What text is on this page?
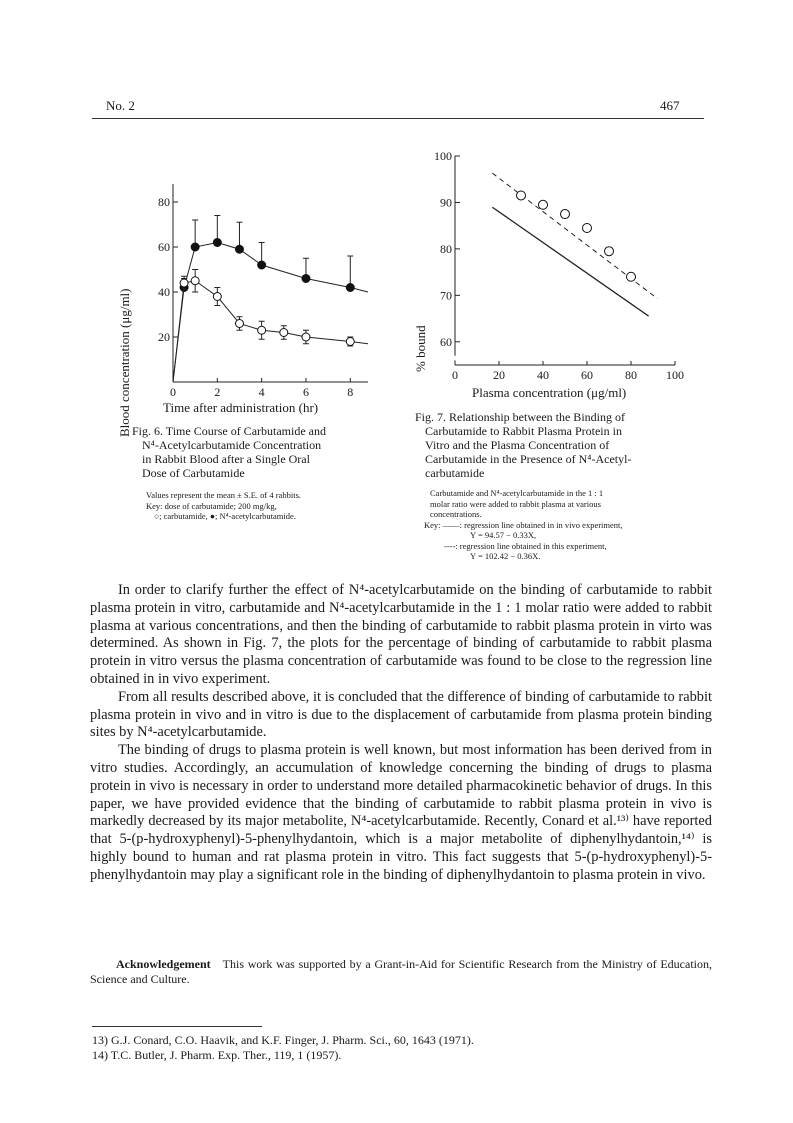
No. 2	467
20
40
60
80
0	2	4	6	8
Blood concentration (μg/ml) Time after administration (hr)
Fig. 6. Time Course of Carbutamide and
N⁴-Acetylcarbutamide Concentration
in Rabbit Blood after a Single Oral
Dose of Carbutamide
Values represent the mean ± S.E. of 4 rabbits.
Key: dose of carbutamide; 200 mg/kg,
○; carbutamide, ●; N⁴-acetylcarbutamide.
60
70
80
90
100
0	20	40	60	80 100
% bound
Plasma concentration (μg/ml)
Fig. 7. Relationship between the Binding of
Carbutamide to Rabbit Plasma Protein in
Vitro and the Plasma Concentration of
Carbutamide in the Presence of N⁴-Acetyl-
carbutamide
Carbutamide and N⁴-acetylcarbutamide in the 1 : 1
molar ratio were added to rabbit plasma at various
concentrations.
Key: ——: regression line obtained in in vivo experiment,
Y = 94.57 − 0.33X,
----: regression line obtained in this experiment,
Y = 102.42 − 0.36X.

In order to clarify further the effect of N⁴-acetylcarbutamide on the binding of carbutamide to rabbit plasma protein in vitro, carbutamide and N⁴-acetylcarbutamide in the 1 : 1 molar ratio were added to rabbit plasma at various concentrations, and then the binding of carbutamide to rabbit plasma protein in virto was determined. As shown in Fig. 7, the plots for the percentage of binding of carbutamide to rabbit plasma protein in vitro versus the plasma concentration of carbutamide was found to be close to the regression line obtained in in vivo experiment.

From all results described above, it is concluded that the difference of binding of carbutamide to rabbit plasma protein in vivo and in vitro is due to the displacement of carbutamide from plasma protein binding sites by N⁴-acetylcarbutamide.

The binding of drugs to plasma protein is well known, but most information has been derived from in vitro studies. Accordingly, an accumulation of knowledge concerning the binding of drugs to plasma protein in vivo is necessary in order to understand more detailed pharmacokinetic behavior of drugs. In this paper, we have provided evidence that the binding of carbutamide to rabbit plasma protein in vivo is markedly decreased by its major metabolite, N⁴-acetylcarbutamide. Recently, Conard et al.¹³⁾ have reported that 5-(p-hydroxyphenyl)-5-phenylhydantoin, which is a major metabolite of diphenylhydantoin,¹⁴⁾ is highly bound to human and rat plasma protein in vitro. This fact suggests that 5-(p-hydroxyphenyl)-5-phenylhydantoin may play a significant role in the binding of diphenylhydantoin to plasma protein in vivo.

Acknowledgement This work was supported by a Grant-in-Aid for Scientific Research from the Ministry of Education, Science and Culture.
13) G.J. Conard, C.O. Haavik, and K.F. Finger, J. Pharm. Sci., 60, 1643 (1971).
14) T.C. Butler, J. Pharm. Exp. Ther., 119, 1 (1957).
